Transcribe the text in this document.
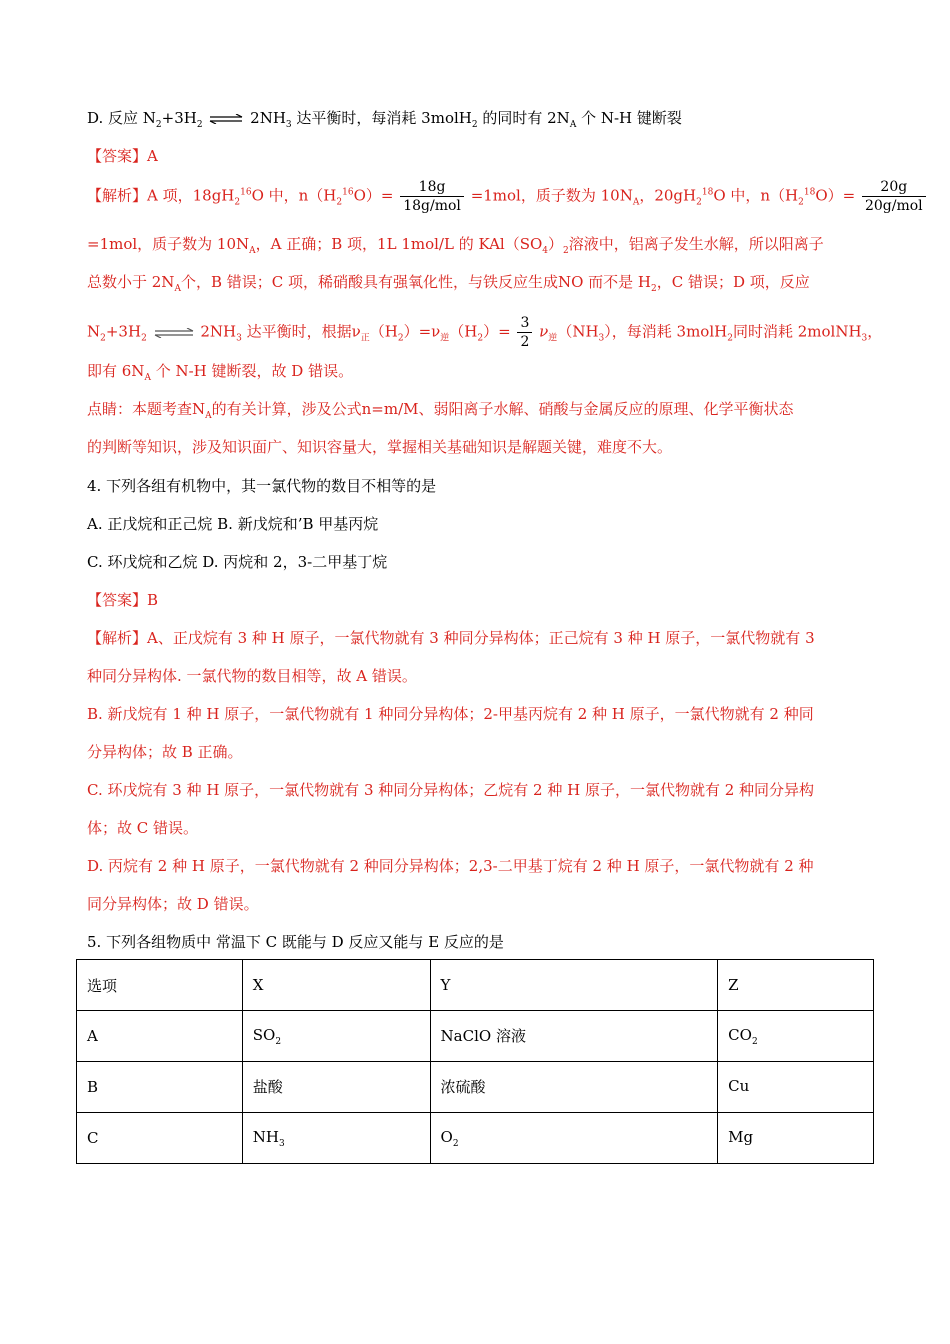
D. 反应 $N_2+3H_2$ ⇌ $2NH_3$ 达平衡时，每消耗 3molH$_2$ 的同时有 $2N_A$ 个 N-H 键断裂
【答案】A
【解析】A 项，$18gH_2^{16}O$ 中，$n(H_2^{16}O)= \frac{18g}{\text{18g/mol}} =1mol$，质子数为 $10N_A$，$20gH_2^{18}O$ 中，$n(H_2^{18}O)= \frac{20g}{\text{20g/mol}}$
=1mol，质子数为 $10N_A$，A 正确；B 项，1L 1mol/L 的 $KAl(SO_4)_2$溶液中，铝离子发生水解，所以阳离子
总数小于 $2N_A$个，B 错误；C 项，稀硝酸具有强氧化性，与铁反应生成NO 而不是 $H_2$，C 错误；D 项，反应
$N_2+3H_2$ ⇌ $2NH_3$ 达平衡时，根据$\nu_正(H_2)=\nu_逆(H_2)= \frac{3}{2} \nu_逆(NH_3)$，每消耗 3molH$_2$同时消耗 2molNH$_3$，
即有 $6N_A$ 个 N-H 键断裂，故 D 错误。
点睛：本题考查$N_A$的有关计算，涉及公式n=m/M、弱阳离子水解、硝酸与金属反应的原理、化学平衡状态
的判断等知识，涉及知识面广、知识容量大，掌握相关基础知识是解题关键，难度不大。
4. 下列各组有机物中，其一氯代物的数目不相等的是
A. 正戊烷和正己烷 B. 新戊烷和’B 甲基丙烷
C. 环戊烷和乙烷 D. 丙烷和 2，3-二甲基丁烷
【答案】B
【解析】A、正戊烷有 3 种 H 原子，一氯代物就有 3 种同分异构体；正己烷有 3 种 H 原子，一氯代物就有 3
种同分异构体. 一氯代物的数目相等，故 A 错误。
B. 新戊烷有 1 种 H 原子，一氯代物就有 1 种同分异构体；2-甲基丙烷有 2 种 H 原子，一氯代物就有 2 种同
分异构体；故 B 正确。
C. 环戊烷有 3 种 H 原子，一氯代物就有 3 种同分异构体；乙烷有 2 种 H 原子，一氯代物就有 2 种同分异构
体；故 C 错误。
D. 丙烷有 2 种 H 原子，一氯代物就有 2 种同分异构体；2,3-二甲基丁烷有 2 种 H 原子，一氯代物就有 2 种
同分异构体；故 D 错误。
5. 下列各组物质中 常温下 C 既能与 D 反应又能与 E 反应的是
选项	X	Y	Z
A	$SO_2$	NaClO 溶液	$CO_2$
B	盐酸	浓硫酸	Cu
C	$NH_3$	$O_2$	Mg
